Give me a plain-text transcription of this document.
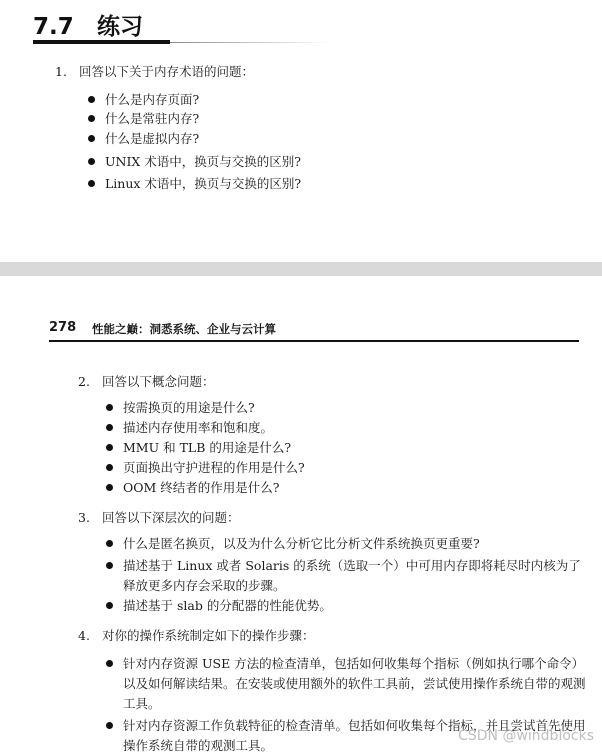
7.7 练习
1. 回答以下关于内存术语的问题：
什么是内存页面?
什么是常驻内存?
什么是虚拟内存?
UNIX 术语中，换页与交换的区别?
Linux 术语中，换页与交换的区别?
278 性能之巅：洞悉系统、企业与云计算
2. 回答以下概念问题：
按需换页的用途是什么?
描述内存使用率和饱和度。
MMU 和 TLB 的用途是什么?
页面换出守护进程的作用是什么?
OOM 终结者的作用是什么?
3. 回答以下深层次的问题：
什么是匿名换页，以及为什么分析它比分析文件系统换页更重要?
描述基于 Linux 或者 Solaris 的系统（选取一个）中可用内存即将耗尽时内核为了释放更多内存会采取的步骤。
描述基于 slab 的分配器的性能优势。
4. 对你的操作系统制定如下的操作步骤：
针对内存资源 USE 方法的检查清单，包括如何收集每个指标（例如执行哪个命令）以及如何解读结果。在安装或使用额外的软件工具前，尝试使用操作系统自带的观测工具。
针对内存资源工作负载特征的检查清单。包括如何收集每个指标，并且尝试首先使用操作系统自带的观测工具。
CSDN @windblocks
